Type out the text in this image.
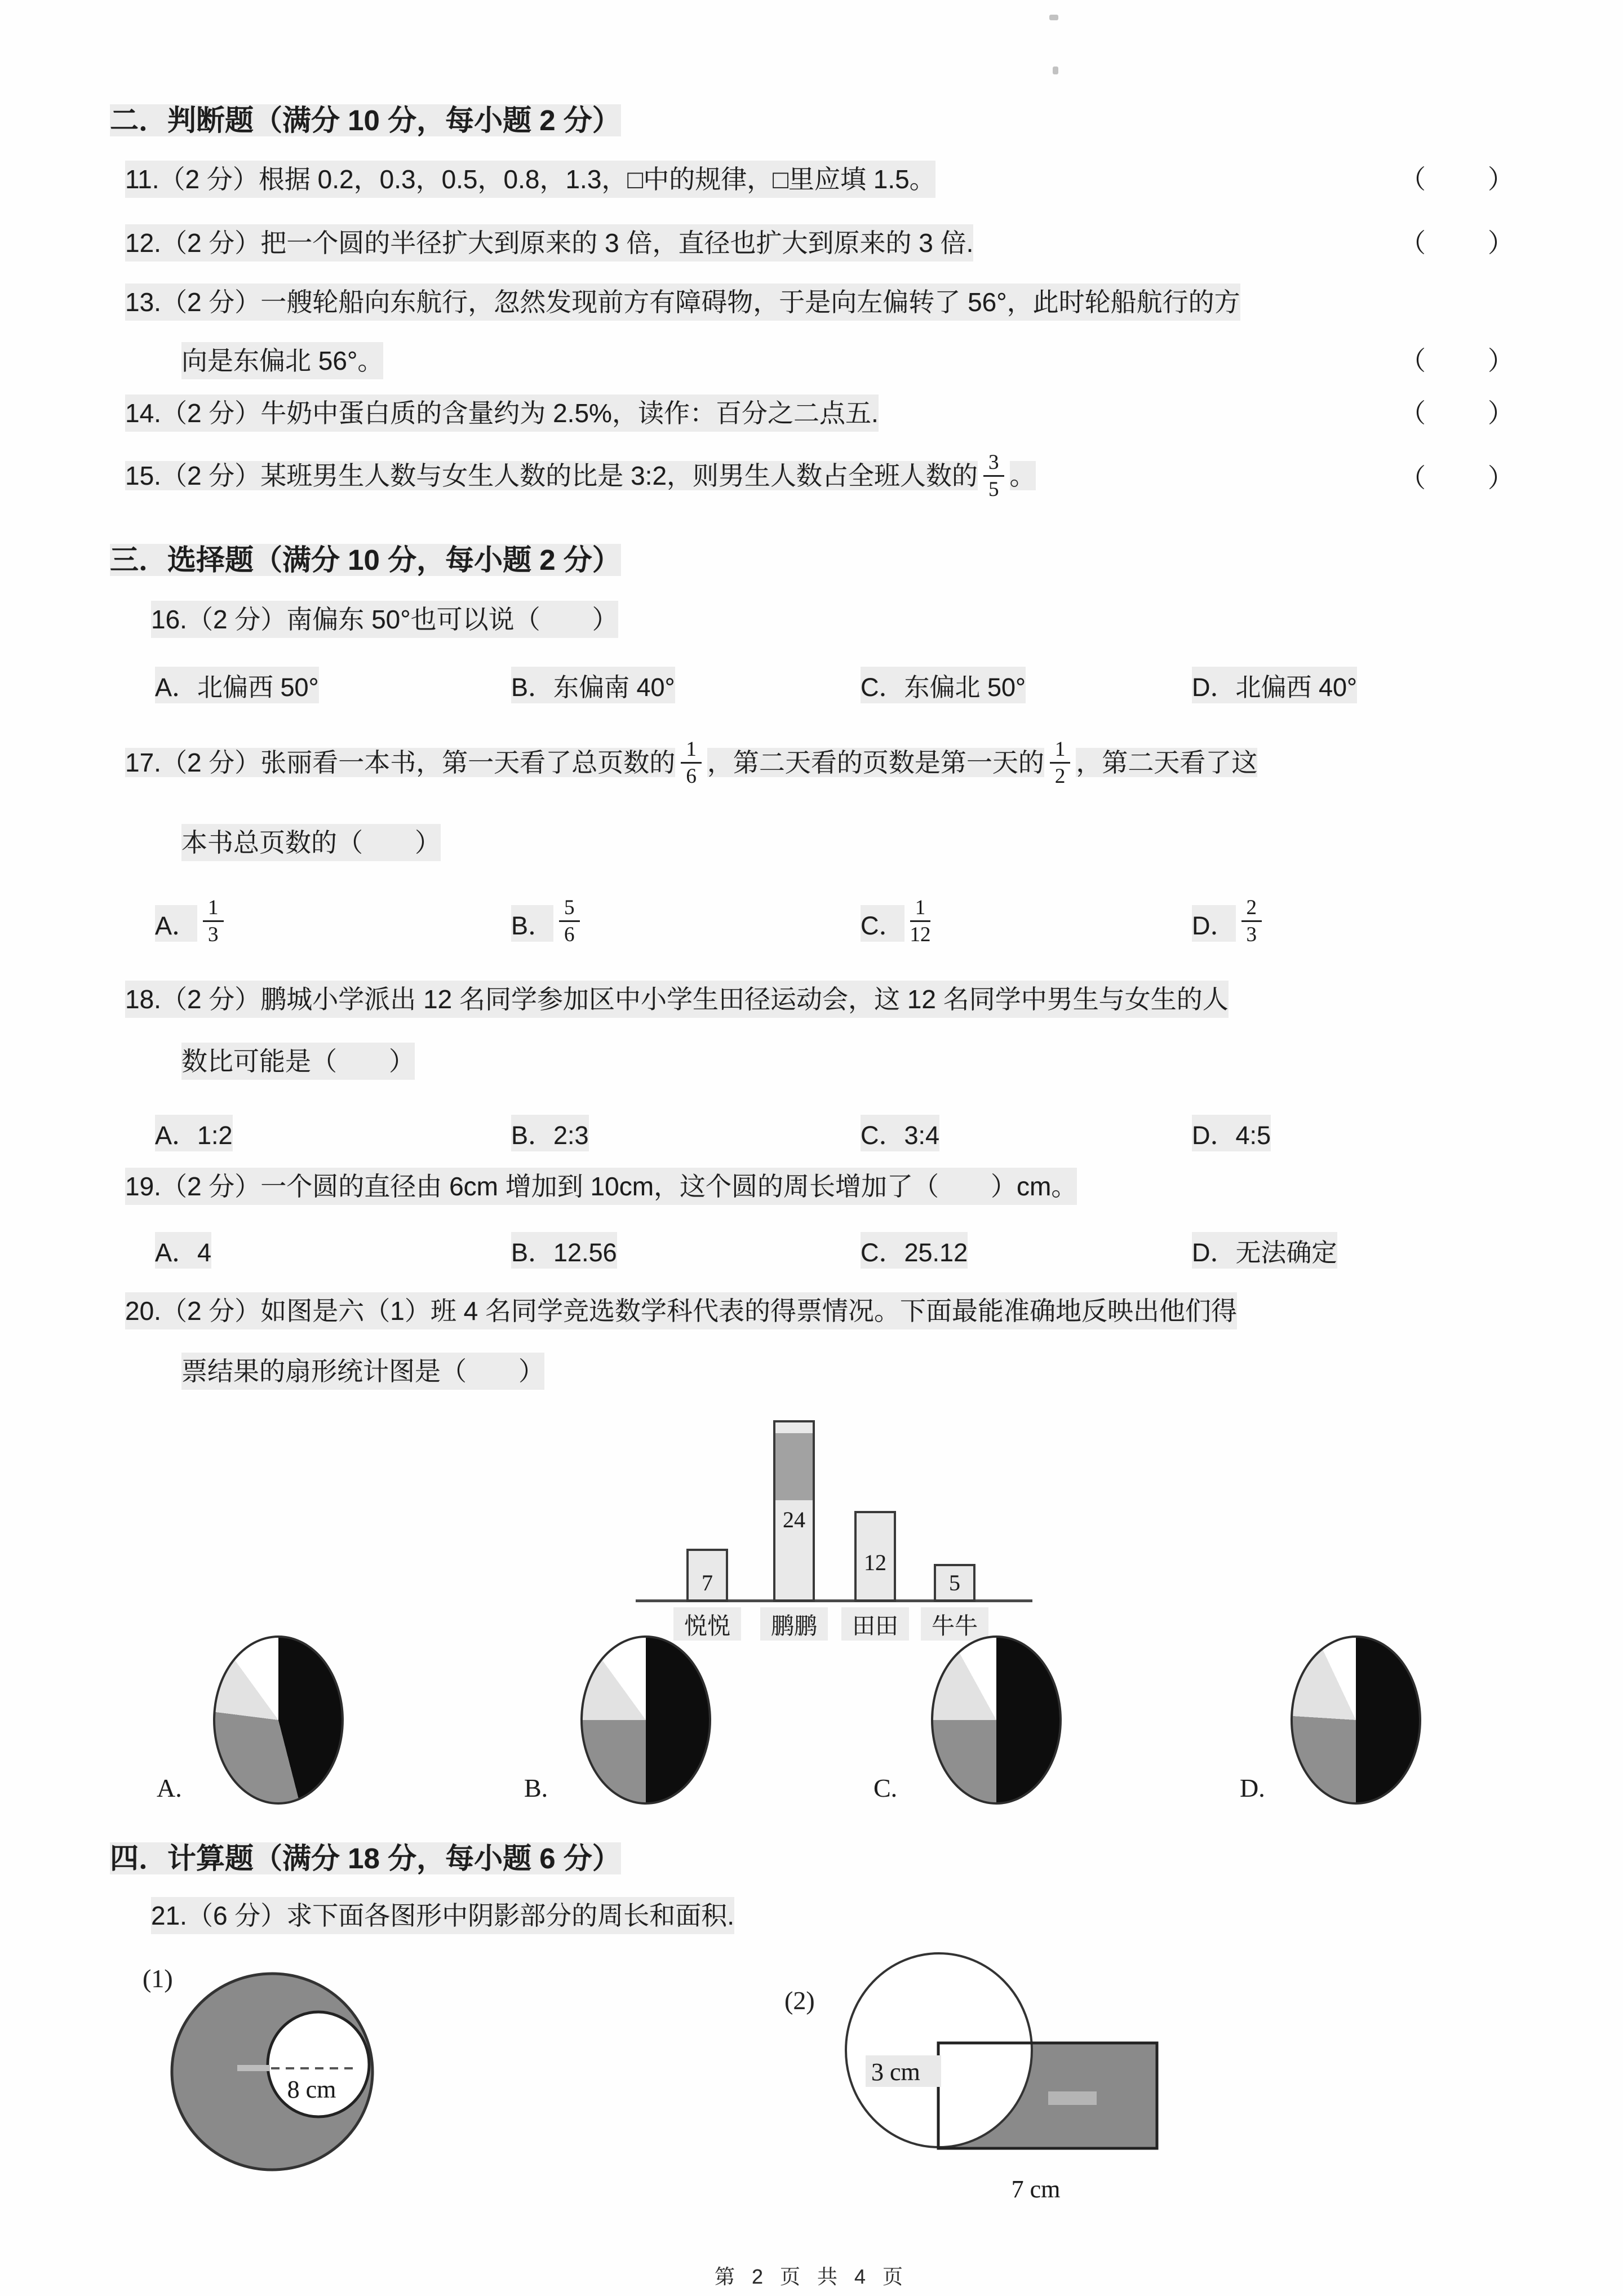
二．判断题（满分 10 分，每小题 2 分）
11.（2 分）根据 0.2，0.3，0.5，0.8，1.3，□中的规律，□里应填 1.5。	（　　）
12.（2 分）把一个圆的半径扩大到原来的 3 倍，直径也扩大到原来的 3 倍.	（　　）
13.（2 分）一艘轮船向东航行，忽然发现前方有障碍物，于是向左偏转了 56°，此时轮船航行的方
向是东偏北 56°。	（　　）
14.（2 分）牛奶中蛋白质的含量约为 2.5%，读作：百分之二点五.	（　　）
15.（2 分）某班男生人数与女生人数的比是 3:2，则男生人数占全班人数的 $\frac{3}{5}$ 。	（　　）
三．选择题（满分 10 分，每小题 2 分）
16.（2 分）南偏东 50°也可以说（　　）
A．北偏西 50°	B．东偏南 40°	C．东偏北 50°	D．北偏西 40°
17.（2 分）张丽看一本书，第一天看了总页数的 $\frac{1}{6}$ ，第二天看的页数是第一天的 $\frac{1}{2}$ ，第二天看了这
本书总页数的（　　）
A． $\frac{1}{3}$	B． $\frac{5}{6}$	C． $\frac{1}{12}$	D． $\frac{2}{3}$
18.（2 分）鹏城小学派出 12 名同学参加区中小学生田径运动会，这 12 名同学中男生与女生的人
数比可能是（　　）
A．1:2	B．2:3	C．3:4	D．4:5
19.（2 分）一个圆的直径由 6cm 增加到 10cm，这个圆的周长增加了（　　）cm。
A．4	B．12.56	C．25.12	D．无法确定
20.（2 分）如图是六（1）班 4 名同学竞选数学科代表的得票情况。下面最能准确地反映出他们得
票结果的扇形统计图是（　　）
7
悦悦
24
鹏鹏
12
田田
5
牛牛
A.	B.	C.	D.
四．计算题（满分 18 分，每小题 6 分）
21.（6 分）求下面各图形中阴影部分的周长和面积.
(1)
8 cm
(2)
3 cm
7 cm
第 2 页 共 4 页
